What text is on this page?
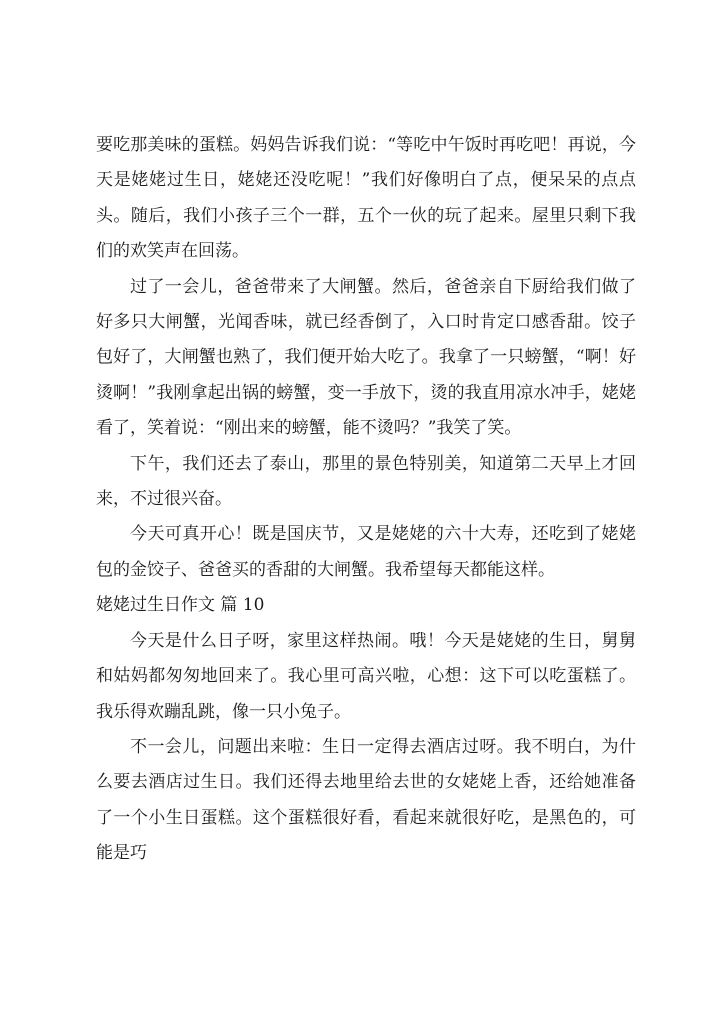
要吃那美味的蛋糕。妈妈告诉我们说：“等吃中午饭时再吃吧！再说，今天是姥姥过生日，姥姥还没吃呢！”我们好像明白了点，便呆呆的点点头。随后，我们小孩子三个一群，五个一伙的玩了起来。屋里只剩下我们的欢笑声在回荡。

过了一会儿，爸爸带来了大闸蟹。然后，爸爸亲自下厨给我们做了好多只大闸蟹，光闻香味，就已经香倒了，入口时肯定口感香甜。饺子包好了，大闸蟹也熟了，我们便开始大吃了。我拿了一只螃蟹，“啊！好烫啊！”我刚拿起出锅的螃蟹，变一手放下，烫的我直用凉水冲手，姥姥看了，笑着说：“刚出来的螃蟹，能不烫吗？”我笑了笑。

下午，我们还去了泰山，那里的景色特别美，知道第二天早上才回来，不过很兴奋。

今天可真开心！既是国庆节，又是姥姥的六十大寿，还吃到了姥姥包的金饺子、爸爸买的香甜的大闸蟹。我希望每天都能这样。

姥姥过生日作文 篇 10

今天是什么日子呀，家里这样热闹。哦！今天是姥姥的生日，舅舅和姑妈都匆匆地回来了。我心里可高兴啦，心想：这下可以吃蛋糕了。我乐得欢蹦乱跳，像一只小兔子。

不一会儿，问题出来啦：生日一定得去酒店过呀。我不明白，为什么要去酒店过生日。我们还得去地里给去世的女姥姥上香，还给她准备了一个小生日蛋糕。这个蛋糕很好看，看起来就很好吃，是黑色的，可能是巧
